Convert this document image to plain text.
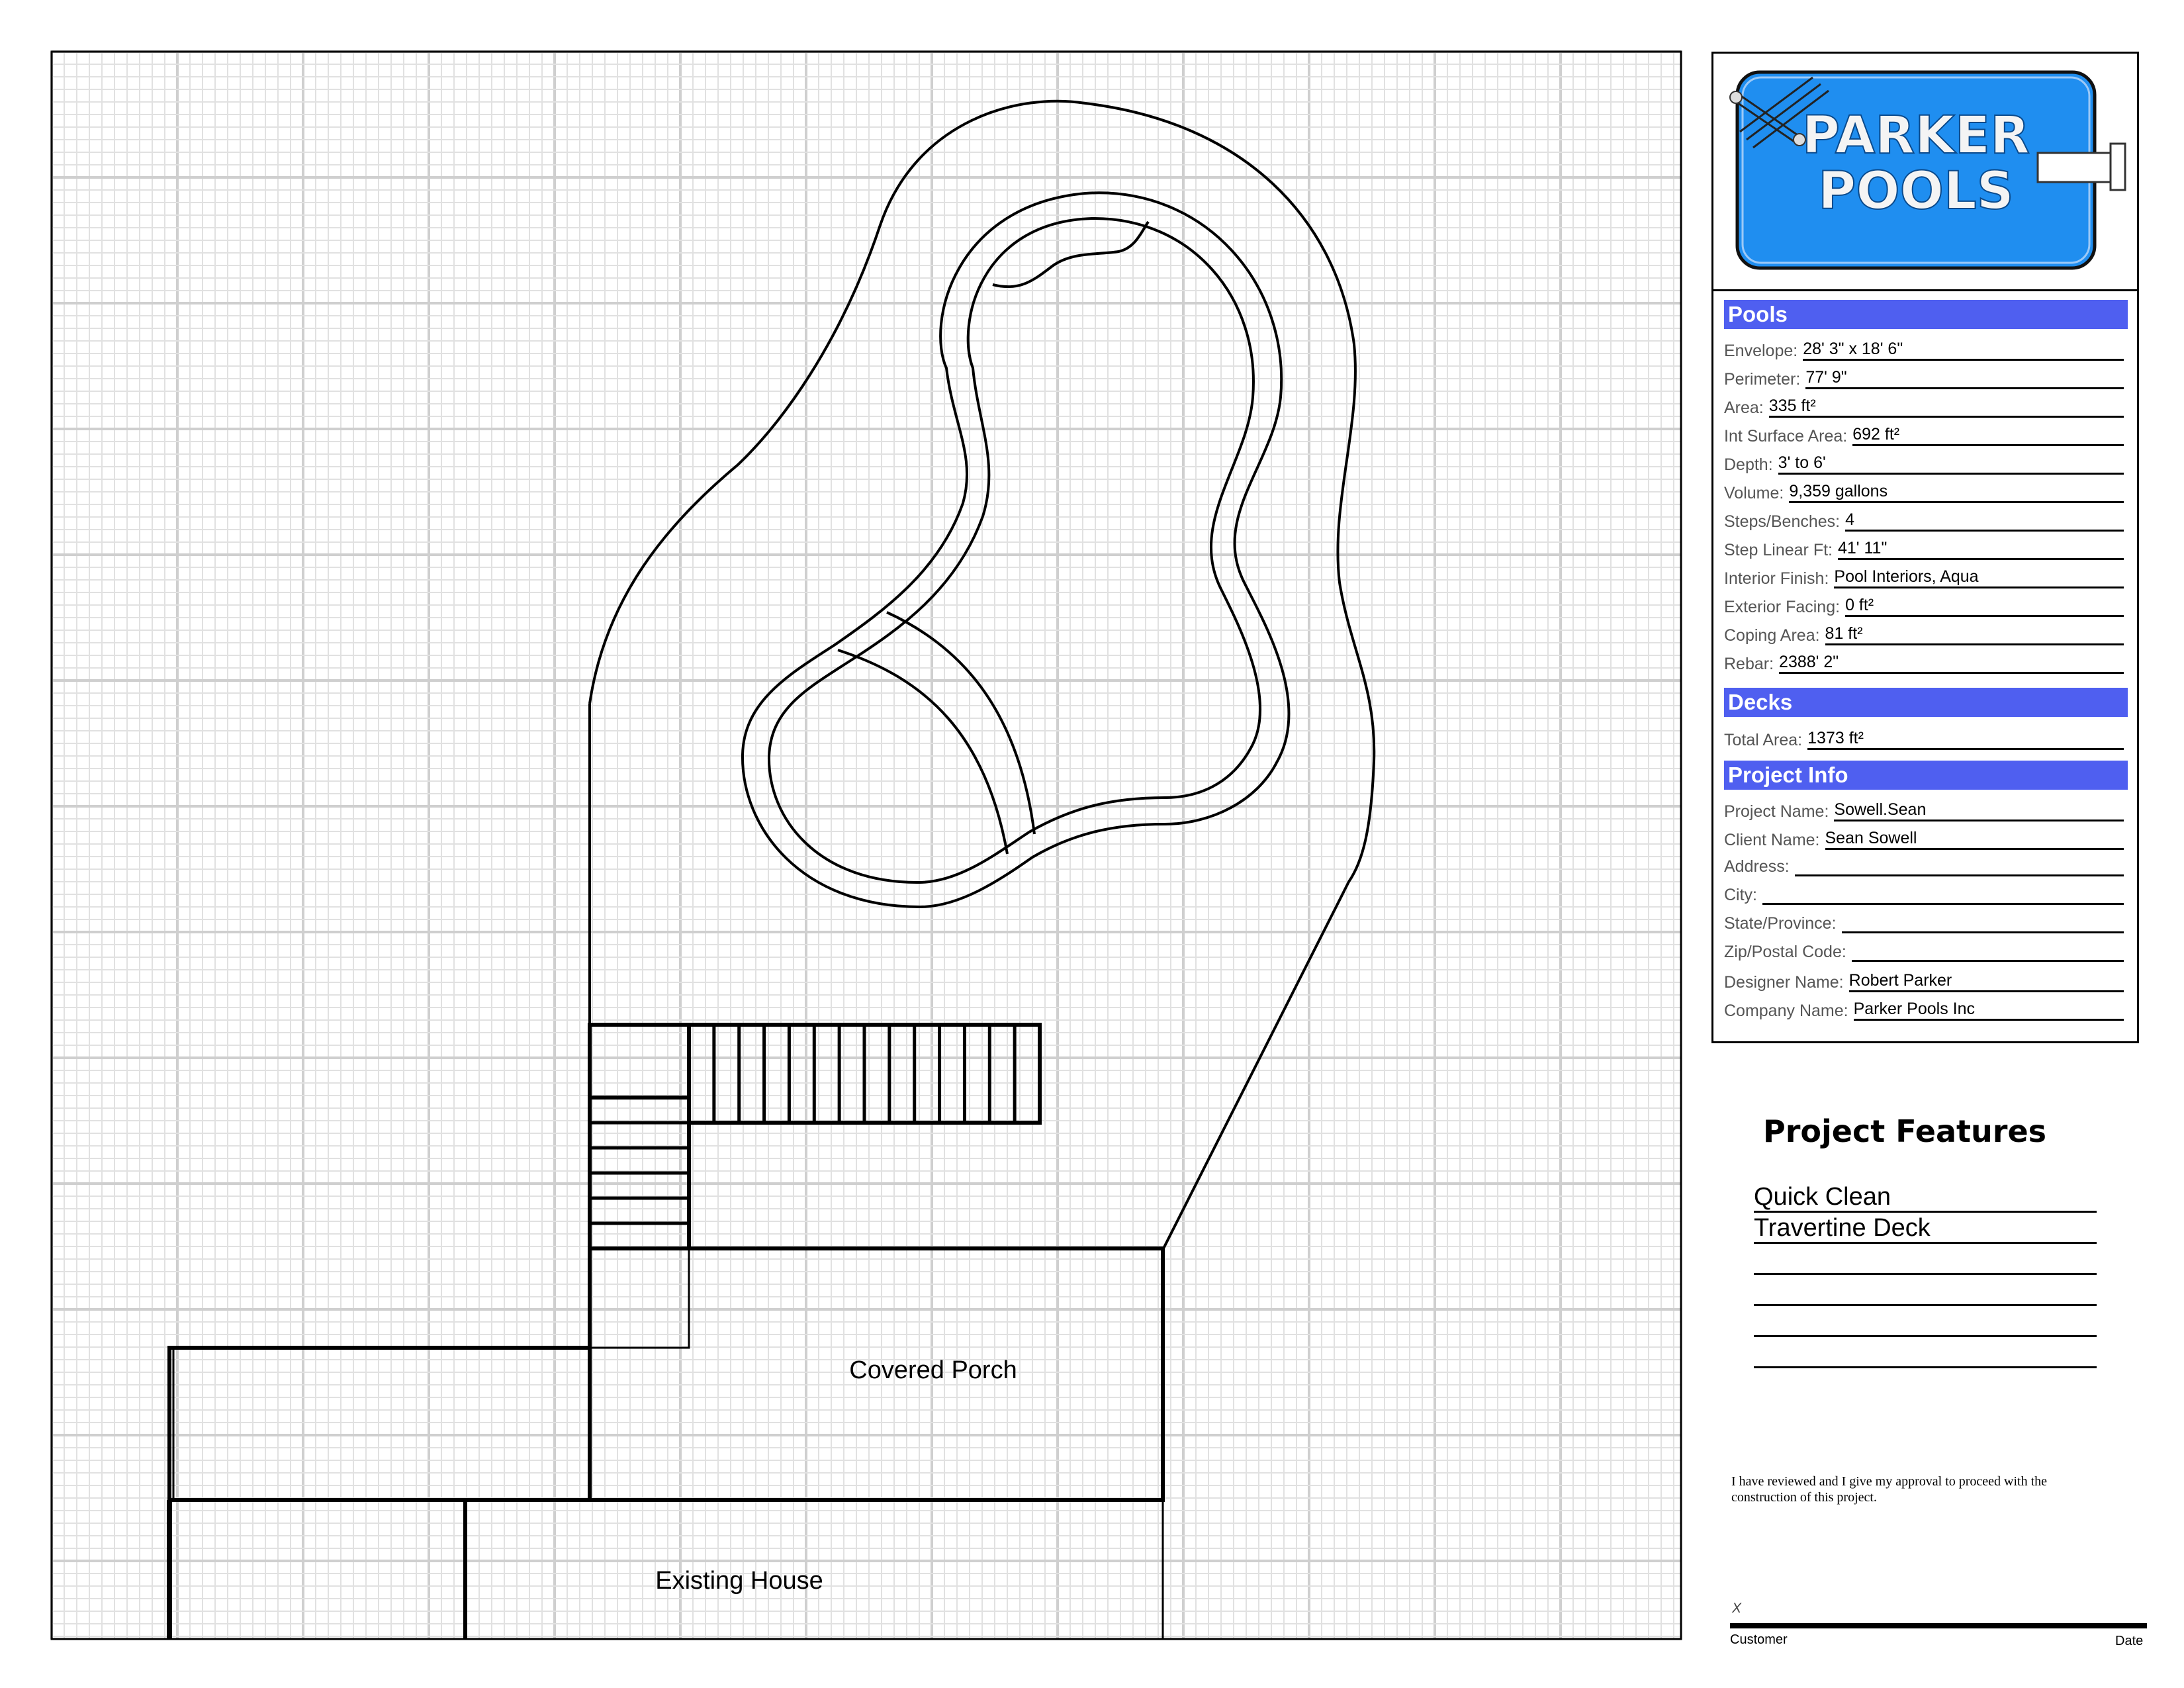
Covered Porch
Existing House
PARKER
POOLS
Pools
Envelope: 28' 3" x 18' 6"
Perimeter: 77' 9"
Area: 335 ft²
Int Surface Area: 692 ft²
Depth: 3' to 6'
Volume: 9,359 gallons
Steps/Benches: 4
Step Linear Ft: 41' 11"
Interior Finish: Pool Interiors, Aqua
Exterior Facing: 0 ft²
Coping Area: 81 ft²
Rebar: 2388' 2"
Decks
Total Area: 1373 ft²
Project Info
Project Name: Sowell.Sean
Client Name: Sean Sowell
Address:
City:
State/Province:
Zip/Postal Code:
Designer Name: Robert Parker
Company Name: Parker Pools Inc
Project Features
Quick Clean
Travertine Deck
I have reviewed and I give my approval to proceed with the construction of this project.
X
Customer	Date
